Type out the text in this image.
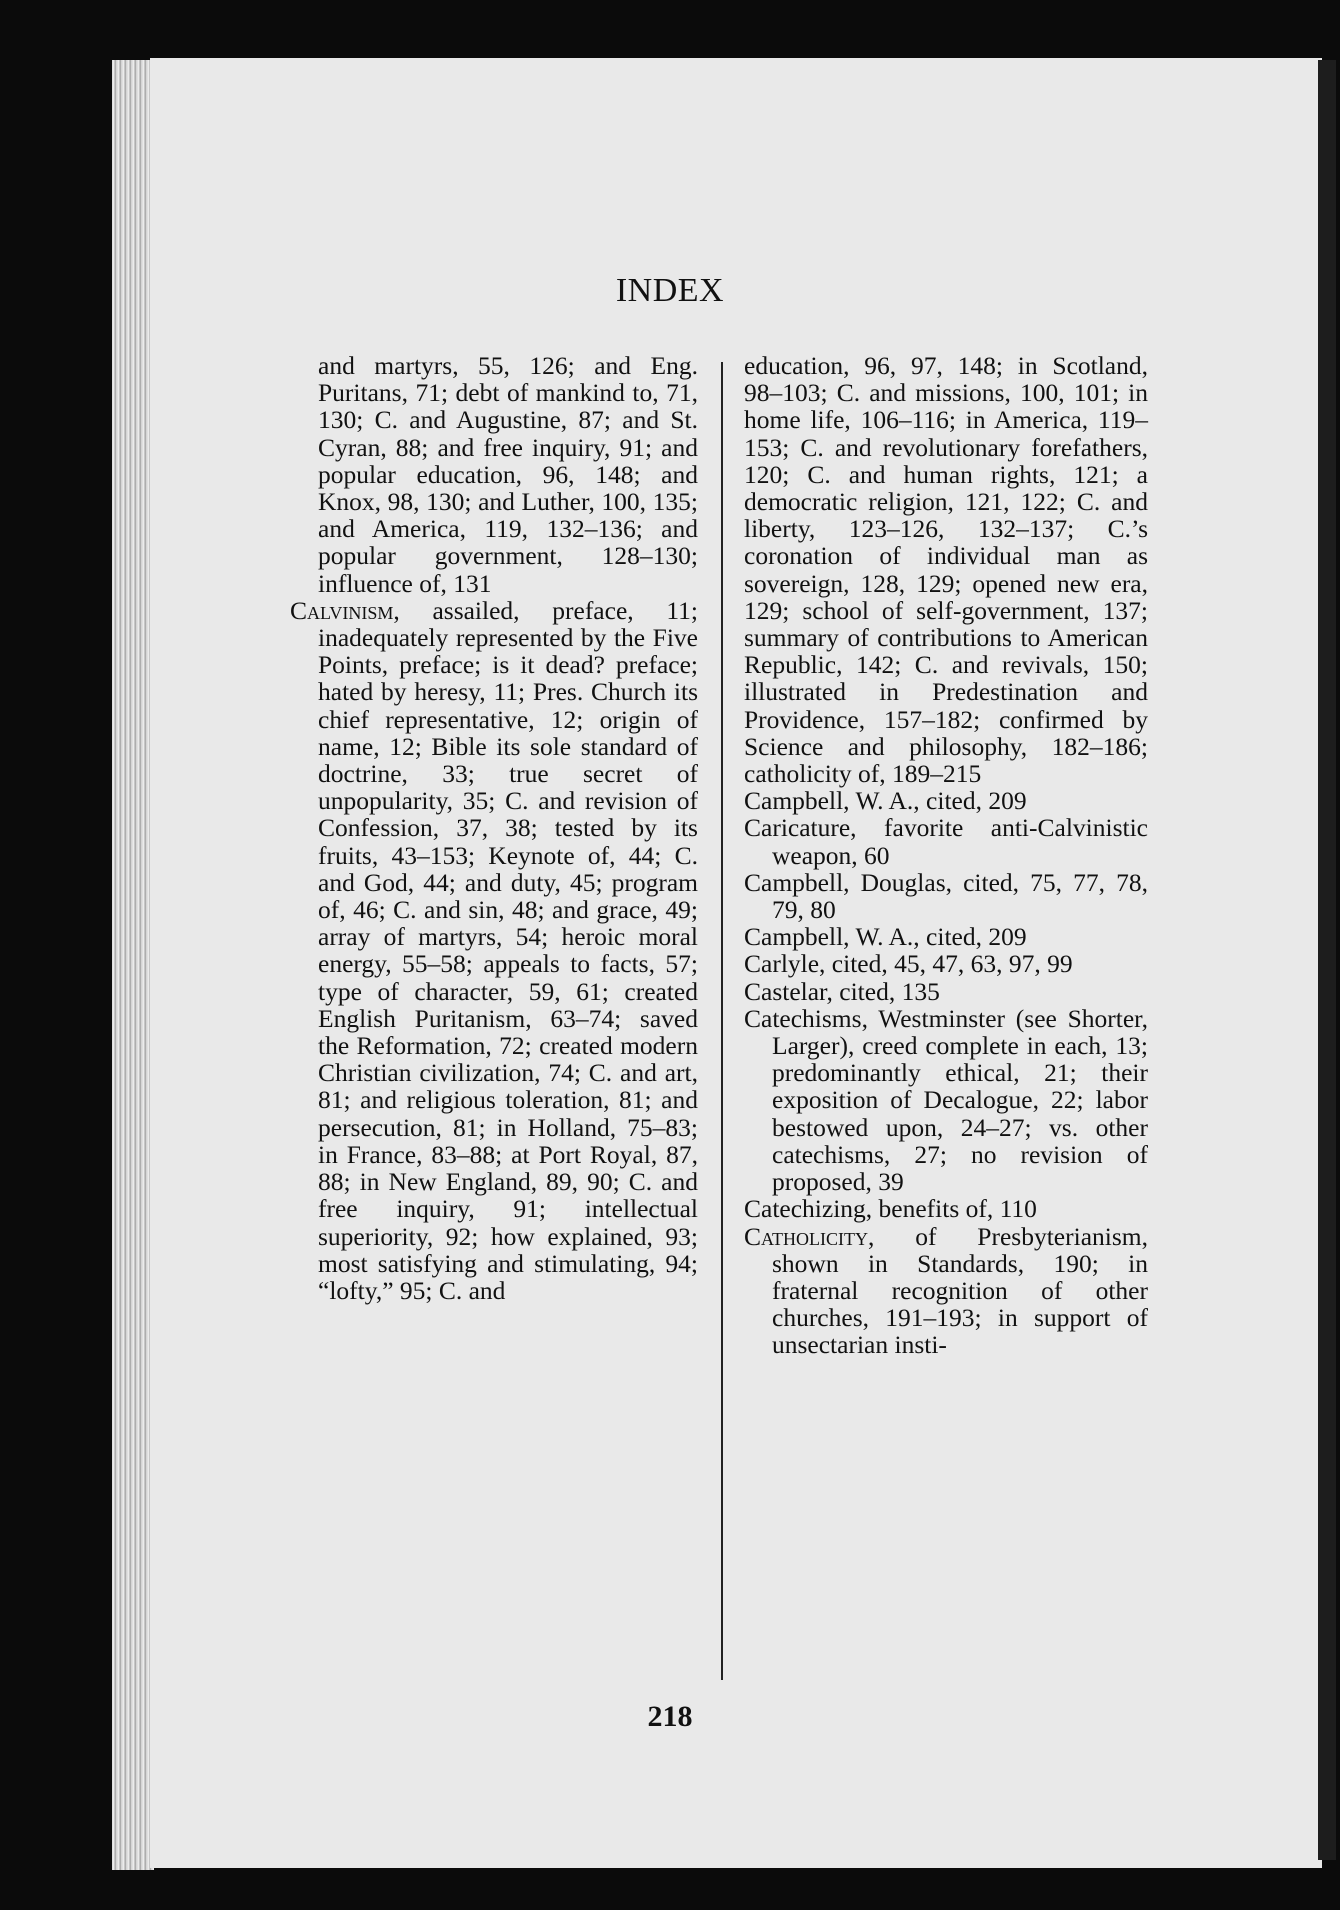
INDEX

and martyrs, 55, 126; and Eng. Puritans, 71; debt of mankind to, 71, 130; C. and Augustine, 87; and St. Cyran, 88; and free inquiry, 91; and popular education, 96, 148; and Knox, 98, 130; and Luther, 100, 135; and America, 119, 132–136; and popular government, 128–130; influence of, 131

Calvinism, assailed, preface, 11; inadequately represented by the Five Points, preface; is it dead? preface; hated by heresy, 11; Pres. Church its chief representative, 12; origin of name, 12; Bible its sole standard of doctrine, 33; true secret of unpopularity, 35; C. and revision of Confession, 37, 38; tested by its fruits, 43–153; Keynote of, 44; C. and God, 44; and duty, 45; program of, 46; C. and sin, 48; and grace, 49; array of martyrs, 54; heroic moral energy, 55–58; appeals to facts, 57; type of character, 59, 61; created English Puritanism, 63–74; saved the Reformation, 72; created modern Christian civilization, 74; C. and art, 81; and religious toleration, 81; and persecution, 81; in Holland, 75–83; in France, 83–88; at Port Royal, 87, 88; in New England, 89, 90; C. and free inquiry, 91; intellectual superiority, 92; how explained, 93; most satisfying and stimulating, 94; “lofty,” 95; C. and

education, 96, 97, 148; in Scotland, 98–103; C. and missions, 100, 101; in home life, 106–116; in America, 119–153; C. and revolutionary forefathers, 120; C. and human rights, 121; a democratic religion, 121, 122; C. and liberty, 123–126, 132–137; C.’s coronation of individual man as sovereign, 128, 129; opened new era, 129; school of self-government, 137; summary of contributions to American Republic, 142; C. and revivals, 150; illustrated in Predestination and Providence, 157–182; confirmed by Science and philosophy, 182–186; catholicity of, 189–215

Campbell, W. A., cited, 209

Caricature, favorite anti-Calvinistic weapon, 60

Campbell, Douglas, cited, 75, 77, 78, 79, 80

Campbell, W. A., cited, 209

Carlyle, cited, 45, 47, 63, 97, 99

Castelar, cited, 135

Catechisms, Westminster (see Shorter, Larger), creed complete in each, 13; predominantly ethical, 21; their exposition of Decalogue, 22; labor bestowed upon, 24–27; vs. other catechisms, 27; no revision of proposed, 39

Catechizing, benefits of, 110

Catholicity, of Presbyterianism, shown in Standards, 190; in fraternal recognition of other churches, 191–193; in support of unsectarian insti-

218
